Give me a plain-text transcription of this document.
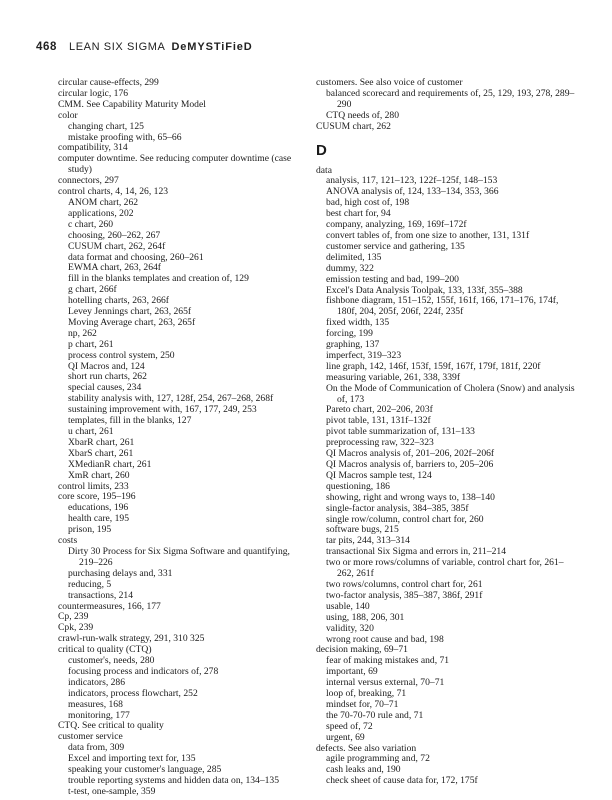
468 LEAN SIX SIGMA DeMYSTiFieD
circular cause-effects, 299
circular logic, 176
CMM. See Capability Maturity Model
color
changing chart, 125
mistake proofing with, 65–66
compatibility, 314
computer downtime. See reducing computer downtime (case study)
connectors, 297
control charts, 4, 14, 26, 123
ANOM chart, 262
applications, 202
c chart, 260
choosing, 260–262, 267
CUSUM chart, 262, 264f
data format and choosing, 260–261
EWMA chart, 263, 264f
fill in the blanks templates and creation of, 129
g chart, 266f
hotelling charts, 263, 266f
Levey Jennings chart, 263, 265f
Moving Average chart, 263, 265f
np, 262
p chart, 261
process control system, 250
QI Macros and, 124
short run charts, 262
special causes, 234
stability analysis with, 127, 128f, 254, 267–268, 268f
sustaining improvement with, 167, 177, 249, 253
templates, fill in the blanks, 127
u chart, 261
XbarR chart, 261
XbarS chart, 261
XMedianR chart, 261
XmR chart, 260
control limits, 233
core score, 195–196
educations, 196
health care, 195
prison, 195
costs
Dirty 30 Process for Six Sigma Software and quantifying, 219–226
purchasing delays and, 331
reducing, 5
transactions, 214
countermeasures, 166, 177
Cp, 239
Cpk, 239
crawl-run-walk strategy, 291, 310 325
critical to quality (CTQ)
customer's, needs, 280
focusing process and indicators of, 278
indicators, 286
indicators, process flowchart, 252
measures, 168
monitoring, 177
CTQ. See critical to quality
customer service
data from, 309
Excel and importing text for, 135
speaking your customer's language, 285
trouble reporting systems and hidden data on, 134–135
t-test, one-sample, 359
customers. See also voice of customer
balanced scorecard and requirements of, 25, 129, 193, 278, 289–290
CTQ needs of, 280
CUSUM chart, 262
D
data
analysis, 117, 121–123, 122f–125f, 148–153
ANOVA analysis of, 124, 133–134, 353, 366
bad, high cost of, 198
best chart for, 94
company, analyzing, 169, 169f–172f
convert tables of, from one size to another, 131, 131f
customer service and gathering, 135
delimited, 135
dummy, 322
emission testing and bad, 199–200
Excel's Data Analysis Toolpak, 133, 133f, 355–388
fishbone diagram, 151–152, 155f, 161f, 166, 171–176, 174f, 180f, 204, 205f, 206f, 224f, 235f
fixed width, 135
forcing, 199
graphing, 137
imperfect, 319–323
line graph, 142, 146f, 153f, 159f, 167f, 179f, 181f, 220f
measuring variable, 261, 338, 339f
On the Mode of Communication of Cholera (Snow) and analysis of, 173
Pareto chart, 202–206, 203f
pivot table, 131, 131f–132f
pivot table summarization of, 131–133
preprocessing raw, 322–323
QI Macros analysis of, 201–206, 202f–206f
QI Macros analysis of, barriers to, 205–206
QI Macros sample test, 124
questioning, 186
showing, right and wrong ways to, 138–140
single-factor analysis, 384–385, 385f
single row/column, control chart for, 260
software bugs, 215
tar pits, 244, 313–314
transactional Six Sigma and errors in, 211–214
two or more rows/columns of variable, control chart for, 261–262, 261f
two rows/columns, control chart for, 261
two-factor analysis, 385–387, 386f, 291f
usable, 140
using, 188, 206, 301
validity, 320
wrong root cause and bad, 198
decision making, 69–71
fear of making mistakes and, 71
important, 69
internal versus external, 70–71
loop of, breaking, 71
mindset for, 70–71
the 70-70-70 rule and, 71
speed of, 72
urgent, 69
defects. See also variation
agile programming and, 72
cash leaks and, 190
check sheet of cause data for, 172, 175f
